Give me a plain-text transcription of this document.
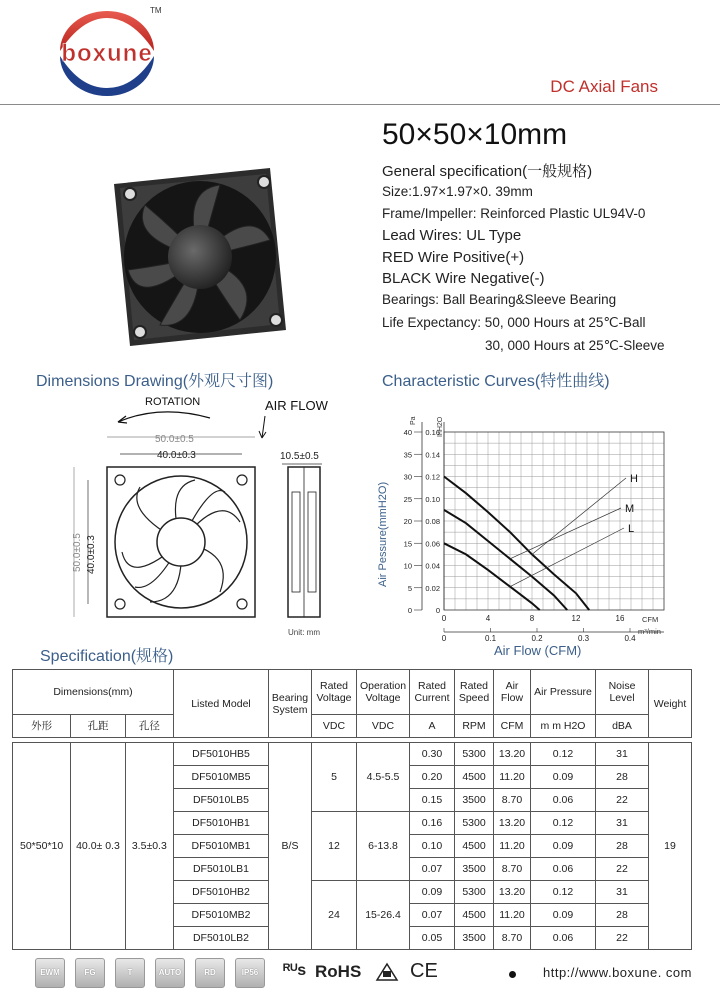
boxune
TM
DC Axial Fans
50×50×10mm
General specification(一般规格)
Size:1.97×1.97×0. 39mm
Frame/Impeller: Reinforced Plastic UL94V-0
Lead Wires: UL Type
RED Wire Positive(+)
BLACK Wire Negative(-)
Bearings: Ball Bearing&Sleeve Bearing
Life Expectancy: 50, 000 Hours at 25℃-Ball
30, 000 Hours at 25℃-Sleeve
Dimensions Drawing(外观尺寸图)	Characteristic Curves(特性曲线)
Specification(规格)
ROTATION	AIR FLOW
50.0±0.5
40.0±0.3
50.0±0.5 40.0±0.3
10.5±0.5
Unit: mm
0
5
10
15
20
25
30
35
40
0
0.02
0.04
0.06
0.08
0.10
0.12
0.14
0.16
0	4	8	12	16
0	0.1	0.2	0.3	0.4
H
M
L
Air Pessure(mmH2O)
Pa	InH2O
CFM
m³/min
Air Flow (CFM)
Dimensions(mm)			Listed Model	Bearing System	Rated Voltage	Operation Voltage	Rated Current	Rated Speed	Air Flow	Air Pressure	Noise Level	Weight
外形	孔距	孔径			VDC	VDC	A	RPM	CFM	m m H2O	dBA	

50*50*10	40.0± 0.3	3.5±0.3	DF5010HB5	B/S	5	4.5-5.5	0.30	5300	13.20	0.12	31	19
			DF5010MB5				0.20	4500	11.20	0.09	28	
			DF5010LB5				0.15	3500	8.70	0.06	22	
			DF5010HB1		12	6-13.8	0.16	5300	13.20	0.12	31	
			DF5010MB1				0.10	4500	11.20	0.09	28	
			DF5010LB1				0.07	3500	8.70	0.06	22	
			DF5010HB2		24	15-26.4	0.09	5300	13.20	0.12	31	
			DF5010MB2				0.07	4500	11.20	0.09	28	
			DF5010LB2				0.05	3500	8.70	0.06	22	
EWM	FG	T	AUTO	RD	IP56	ᴿᵁs RoHS CE	http://www.boxune. com
